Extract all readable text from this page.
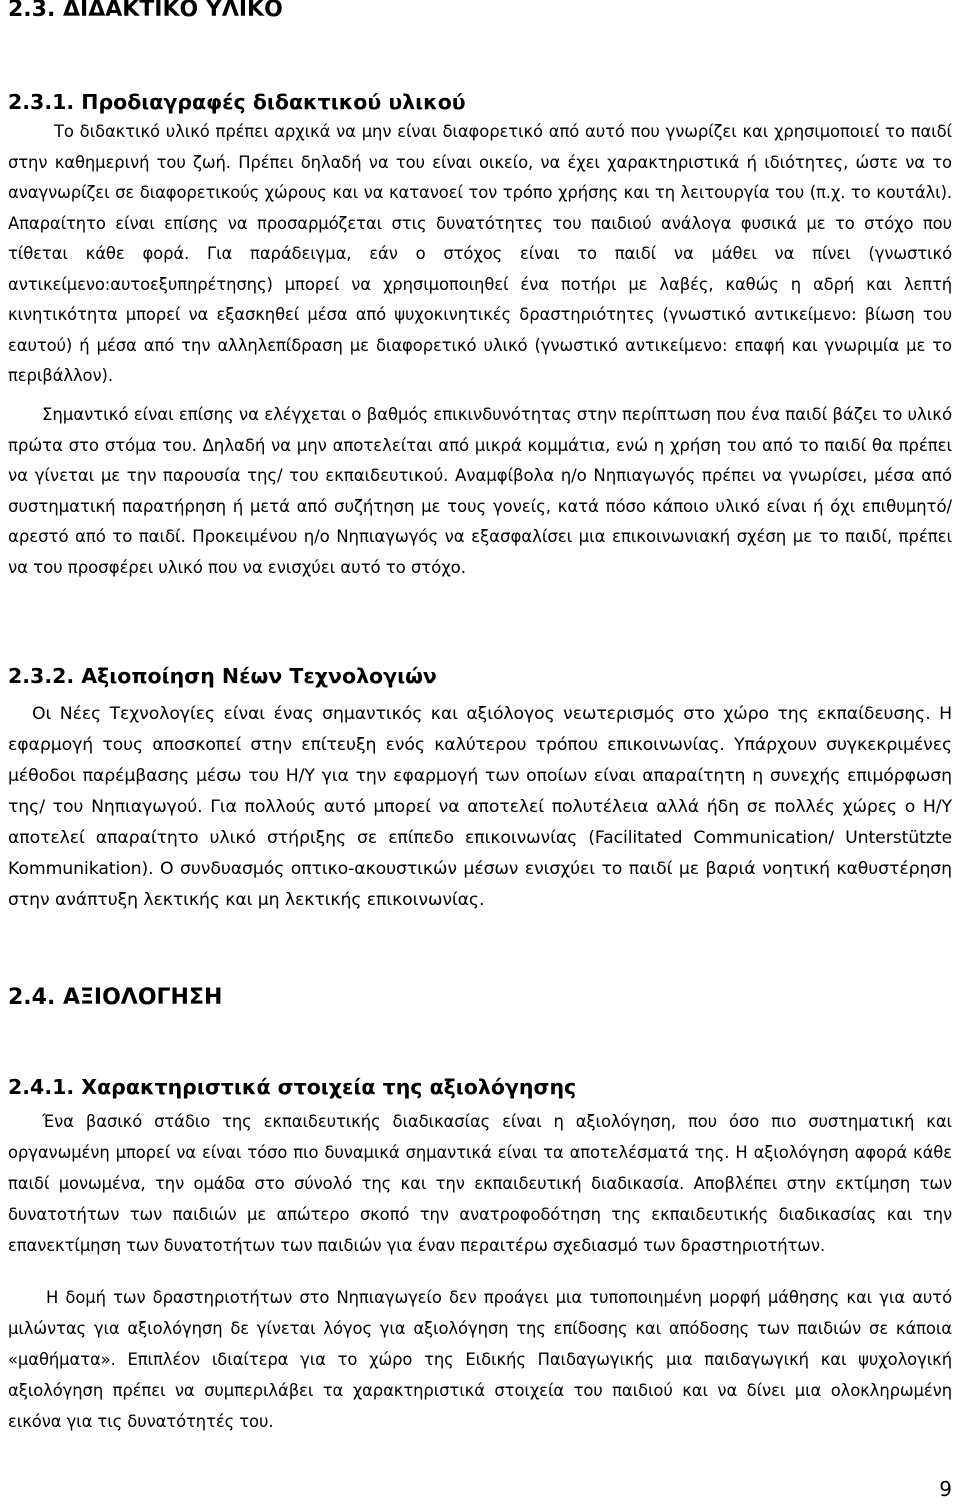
2.3. ΔΙΔΑΚΤΙΚΟ ΥΛΙΚΟ
2.3.1. Προδιαγραφές διδακτικού υλικού

Το διδακτικό υλικό πρέπει αρχικά να μην είναι διαφορετικό από αυτό που γνωρίζει και χρησιμοποιεί το παιδί στην καθημερινή του ζωή. Πρέπει δηλαδή να του είναι οικείο, να έχει χαρακτηριστικά ή ιδιότητες, ώστε να το αναγνωρίζει σε διαφορετικούς χώρους και να κατανοεί τον τρόπο χρήσης και τη λειτουργία του (π.χ. το κουτάλι). Απαραίτητο είναι επίσης να προσαρμόζεται στις δυνατότητες του παιδιού ανάλογα φυσικά με το στόχο που τίθεται κάθε φορά. Για παράδειγμα, εάν ο στόχος είναι το παιδί να μάθει να πίνει (γνωστικό αντικείμενο:αυτοεξυπηρέτησης) μπορεί να χρησιμοποιηθεί ένα ποτήρι με λαβές, καθώς η αδρή και λεπτή κινητικότητα μπορεί να εξασκηθεί μέσα από ψυχοκινητικές δραστηριότητες (γνωστικό αντικείμενο: βίωση του εαυτού) ή μέσα από την αλληλεπίδραση με διαφορετικό υλικό (γνωστικό αντικείμενο: επαφή και γνωριμία με το περιβάλλον).

Σημαντικό είναι επίσης να ελέγχεται ο βαθμός επικινδυνότητας στην περίπτωση που ένα παιδί βάζει το υλικό πρώτα στο στόμα του. Δηλαδή να μην αποτελείται από μικρά κομμάτια, ενώ η χρήση του από το παιδί θα πρέπει να γίνεται με την παρουσία της/ του εκπαιδευτικού. Αναμφίβολα η/ο Νηπιαγωγός πρέπει να γνωρίσει, μέσα από συστηματική παρατήρηση ή μετά από συζήτηση με τους γονείς, κατά πόσο κάποιο υλικό είναι ή όχι επιθυμητό/ αρεστό από το παιδί. Προκειμένου η/ο Νηπιαγωγός να εξασφαλίσει μια επικοινωνιακή σχέση με το παιδί, πρέπει να του προσφέρει υλικό που να ενισχύει αυτό το στόχο.

2.3.2. Αξιοποίηση Νέων Τεχνολογιών

Οι Νέες Τεχνολογίες είναι ένας σημαντικός και αξιόλογος νεωτερισμός στο χώρο της εκπαίδευσης. Η εφαρμογή τους αποσκοπεί στην επίτευξη ενός καλύτερου τρόπου επικοινωνίας. Υπάρχουν συγκεκριμένες μέθοδοι παρέμβασης μέσω του Η/Υ για την εφαρμογή των οποίων είναι απαραίτητη η συνεχής επιμόρφωση της/ του Νηπιαγωγού. Για πολλούς αυτό μπορεί να αποτελεί πολυτέλεια αλλά ήδη σε πολλές χώρες ο Η/Υ αποτελεί απαραίτητο υλικό στήριξης σε επίπεδο επικοινωνίας (Facilitated Communication/ Unterstützte Kommunikation). Ο συνδυασμός οπτικο-ακουστικών μέσων ενισχύει το παιδί με βαριά νοητική καθυστέρηση στην ανάπτυξη λεκτικής και μη λεκτικής επικοινωνίας.

2.4. ΑΞΙΟΛΟΓΗΣΗ
2.4.1. Χαρακτηριστικά στοιχεία της αξιολόγησης

Ένα βασικό στάδιο της εκπαιδευτικής διαδικασίας είναι η αξιολόγηση, που όσο πιο συστηματική και οργανωμένη μπορεί να είναι τόσο πιο δυναμικά σημαντικά είναι τα αποτελέσματά της. Η αξιολόγηση αφορά κάθε παιδί μονωμένα, την ομάδα στο σύνολό της και την εκπαιδευτική διαδικασία. Αποβλέπει στην εκτίμηση των δυνατοτήτων των παιδιών με απώτερο σκοπό την ανατροφοδότηση της εκπαιδευτικής διαδικασίας και την επανεκτίμηση των δυνατοτήτων των παιδιών για έναν περαιτέρω σχεδιασμό των δραστηριοτήτων.

Η δομή των δραστηριοτήτων στο Νηπιαγωγείο δεν προάγει μια τυποποιημένη μορφή μάθησης και για αυτό μιλώντας για αξιολόγηση δε γίνεται λόγος για αξιολόγηση της επίδοσης και απόδοσης των παιδιών σε κάποια «μαθήματα». Επιπλέον ιδιαίτερα για το χώρο της Ειδικής Παιδαγωγικής μια παιδαγωγική και ψυχολογική αξιολόγηση πρέπει να συμπεριλάβει τα χαρακτηριστικά στοιχεία του παιδιού και να δίνει μια ολοκληρωμένη εικόνα για τις δυνατότητές του.

9
